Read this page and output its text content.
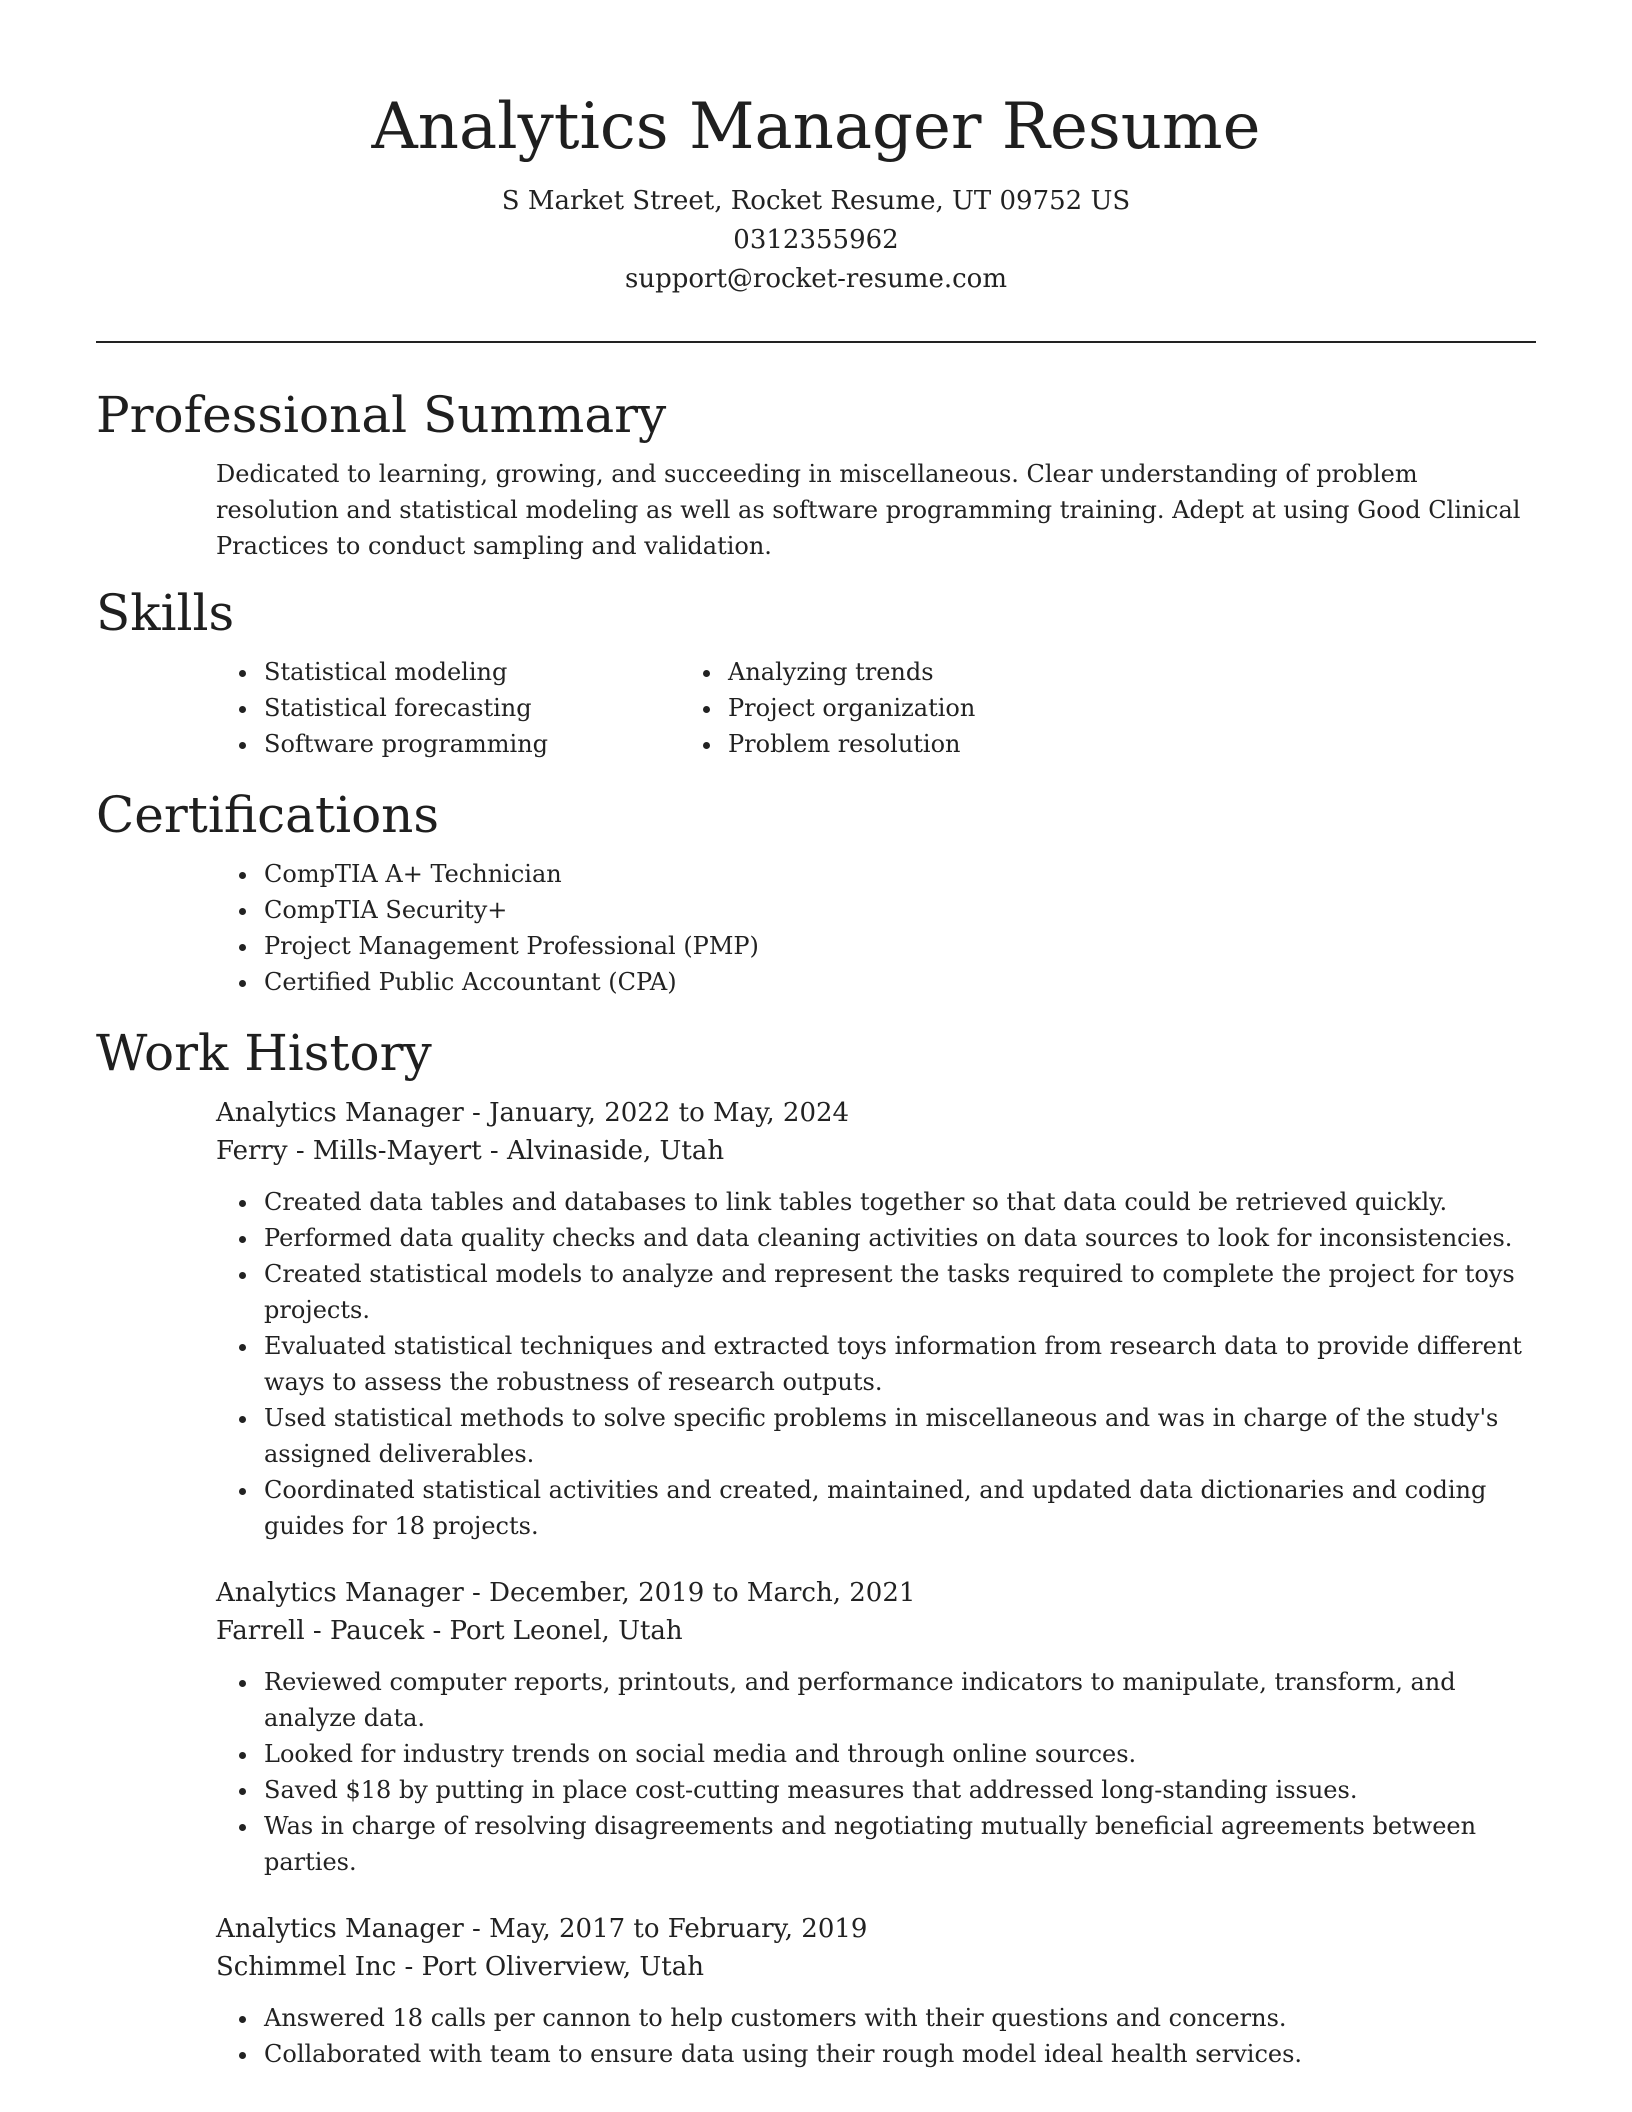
Analytics Manager Resume

S Market Street, Rocket Resume, UT 09752 US

0312355962

support@rocket-resume.com

Professional Summary

Dedicated to learning, growing, and succeeding in miscellaneous. Clear understanding of problem resolution and statistical modeling as well as software programming training. Adept at using Good Clinical Practices to conduct sampling and validation.

Skills
• Statistical modeling
• Statistical forecasting
• Software programming
• Analyzing trends
• Project organization
• Problem resolution
Certifications
• CompTIA A+ Technician
• CompTIA Security+
• Project Management Professional (PMP)
• Certified Public Accountant (CPA)
Work History

Analytics Manager - January, 2022 to May, 2024

Ferry - Mills-Mayert - Alvinaside, Utah

• Created data tables and databases to link tables together so that data could be retrieved quickly.
• Performed data quality checks and data cleaning activities on data sources to look for inconsistencies.
• Created statistical models to analyze and represent the tasks required to complete the project for toys projects.
• Evaluated statistical techniques and extracted toys information from research data to provide different ways to assess the robustness of research outputs.
• Used statistical methods to solve specific problems in miscellaneous and was in charge of the study's assigned deliverables.
• Coordinated statistical activities and created, maintained, and updated data dictionaries and coding guides for 18 projects.

Analytics Manager - December, 2019 to March, 2021

Farrell - Paucek - Port Leonel, Utah

• Reviewed computer reports, printouts, and performance indicators to manipulate, transform, and analyze data.
• Looked for industry trends on social media and through online sources.
• Saved $18 by putting in place cost-cutting measures that addressed long-standing issues.
• Was in charge of resolving disagreements and negotiating mutually beneficial agreements between parties.

Analytics Manager - May, 2017 to February, 2019

Schimmel Inc - Port Oliverview, Utah

• Answered 18 calls per cannon to help customers with their questions and concerns.
• Collaborated with team to ensure data using their rough model ideal health services.
